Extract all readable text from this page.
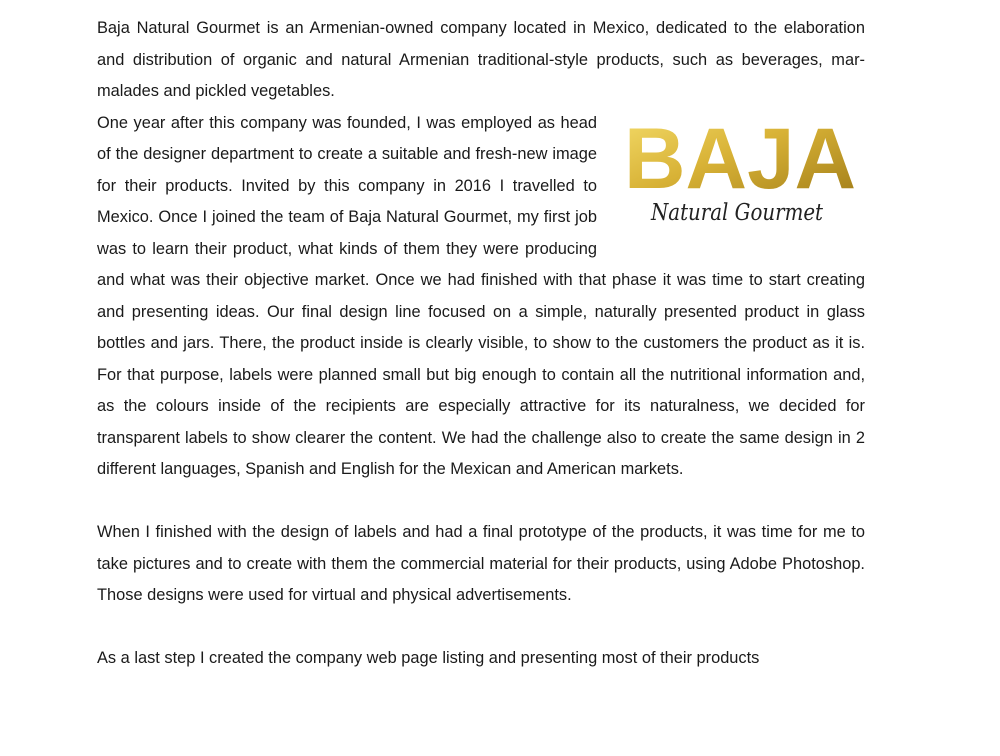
Baja Natural Gourmet is an Armenian-owned company located in Mexico, dedicated to the elaboration and distribution of organic and natural Armenian traditional-style products, such as beverages, marmalades and pickled vegetables.

BAJA
Natural Gourmet

One year after this company was founded, I was employed as head of the designer department to create a suitable and fresh-new image for their products. Invited by this company in 2016 I travelled to Mexico. Once I joined the team of Baja Natural Gourmet, my first job was to learn their product, what kinds of them they were producing and what was their objective market. Once we had finished with that phase it was time to start creating and presenting ideas. Our final design line focused on a simple, naturally presented product in glass bottles and jars. There, the product inside is clearly visible, to show to the customers the product as it is. For that purpose, labels were planned small but big enough to contain all the nutritional information and, as the colours inside of the recipients are especially attractive for its naturalness, we decided for transparent labels to show clearer the content. We had the challenge also to create the same design in 2 different languages, Spanish and English for the Mexican and American markets.

When I finished with the design of labels and had a final prototype of the products, it was time for me to take pictures and to create with them the commercial material for their products, using Adobe Photoshop. Those designs were used for virtual and physical advertisements.

As a last step I created the company web page listing and presenting most of their products
